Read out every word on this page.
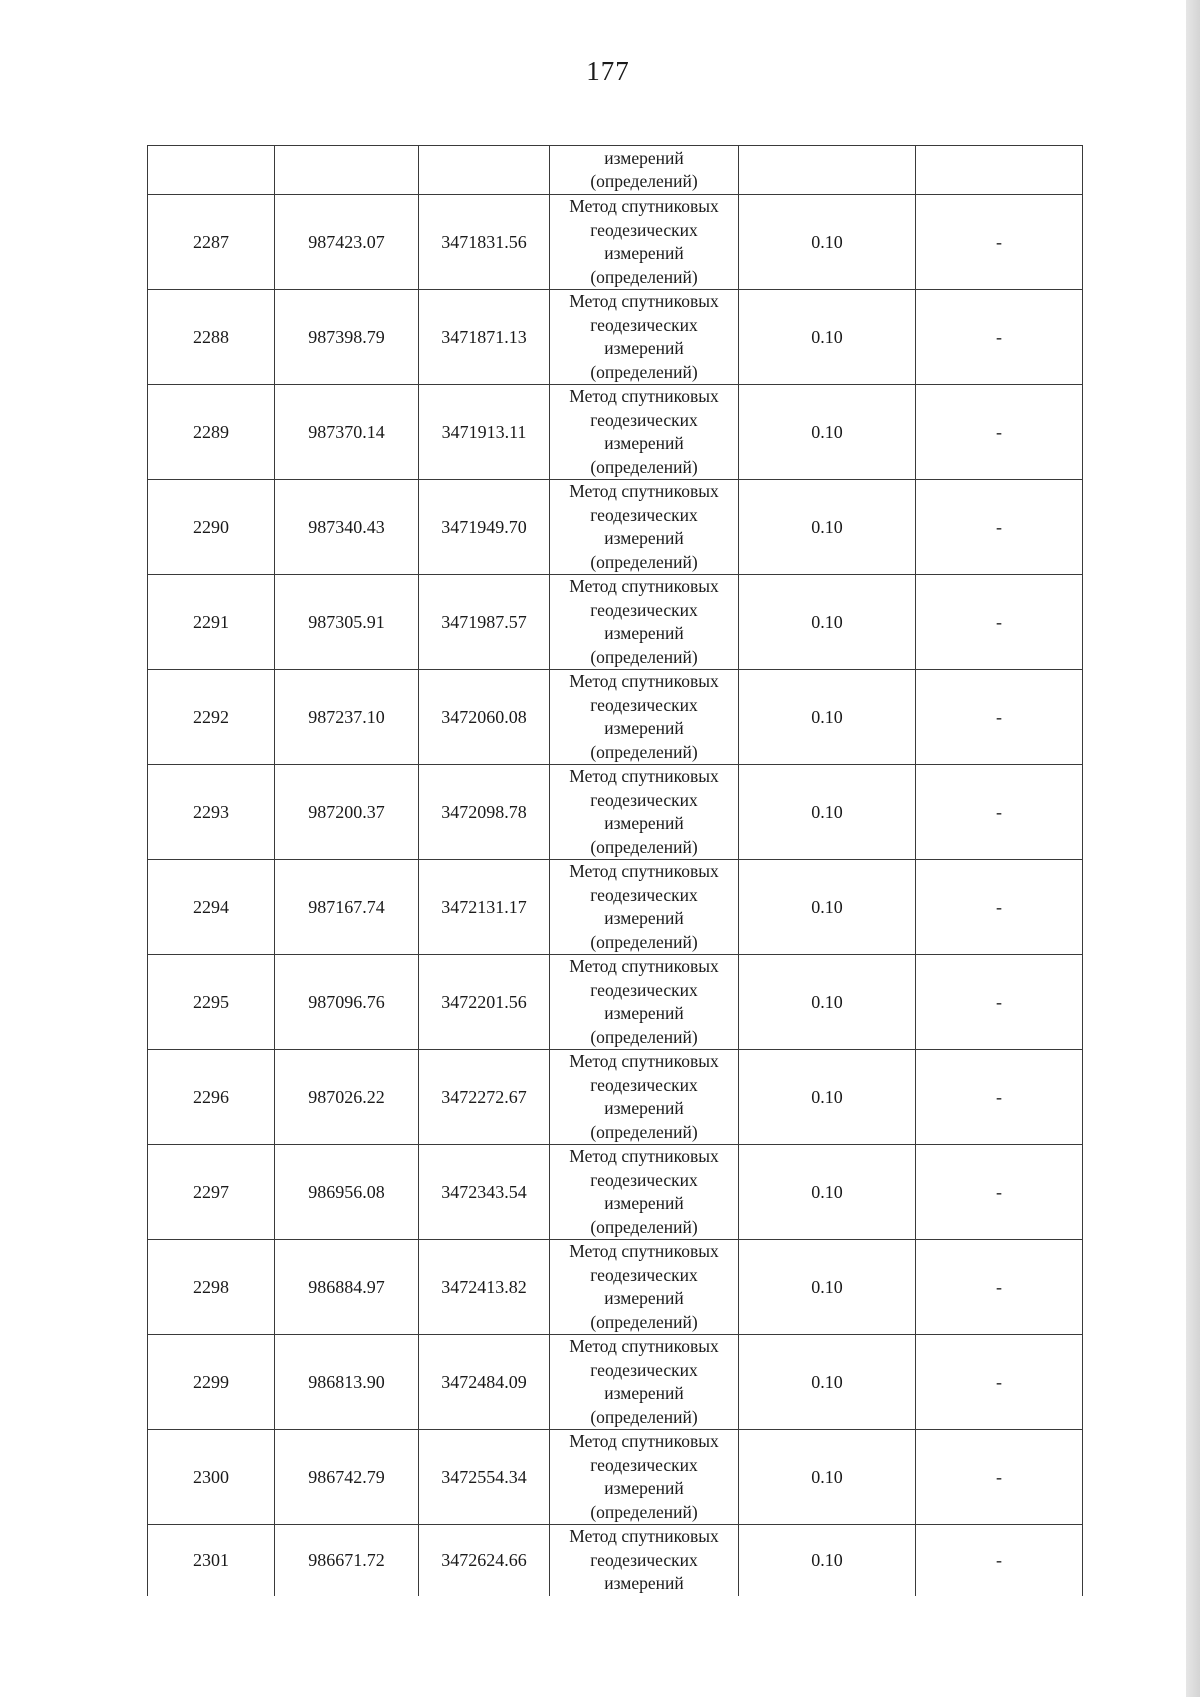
177

			измерений
(определений)		

2287	987423.07	3471831.56	Метод спутниковых
геодезических
измерений
(определений)	0.10	-
2288	987398.79	3471871.13	Метод спутниковых
геодезических
измерений
(определений)	0.10	-
2289	987370.14	3471913.11	Метод спутниковых
геодезических
измерений
(определений)	0.10	-
2290	987340.43	3471949.70	Метод спутниковых
геодезических
измерений
(определений)	0.10	-
2291	987305.91	3471987.57	Метод спутниковых
геодезических
измерений
(определений)	0.10	-
2292	987237.10	3472060.08	Метод спутниковых
геодезических
измерений
(определений)	0.10	-
2293	987200.37	3472098.78	Метод спутниковых
геодезических
измерений
(определений)	0.10	-
2294	987167.74	3472131.17	Метод спутниковых
геодезических
измерений
(определений)	0.10	-
2295	987096.76	3472201.56	Метод спутниковых
геодезических
измерений
(определений)	0.10	-
2296	987026.22	3472272.67	Метод спутниковых
геодезических
измерений
(определений)	0.10	-
2297	986956.08	3472343.54	Метод спутниковых
геодезических
измерений
(определений)	0.10	-
2298	986884.97	3472413.82	Метод спутниковых
геодезических
измерений
(определений)	0.10	-
2299	986813.90	3472484.09	Метод спутниковых
геодезических
измерений
(определений)	0.10	-
2300	986742.79	3472554.34	Метод спутниковых
геодезических
измерений
(определений)	0.10	-
2301	986671.72	3472624.66	Метод спутниковых
геодезических
измерений	0.10	-
